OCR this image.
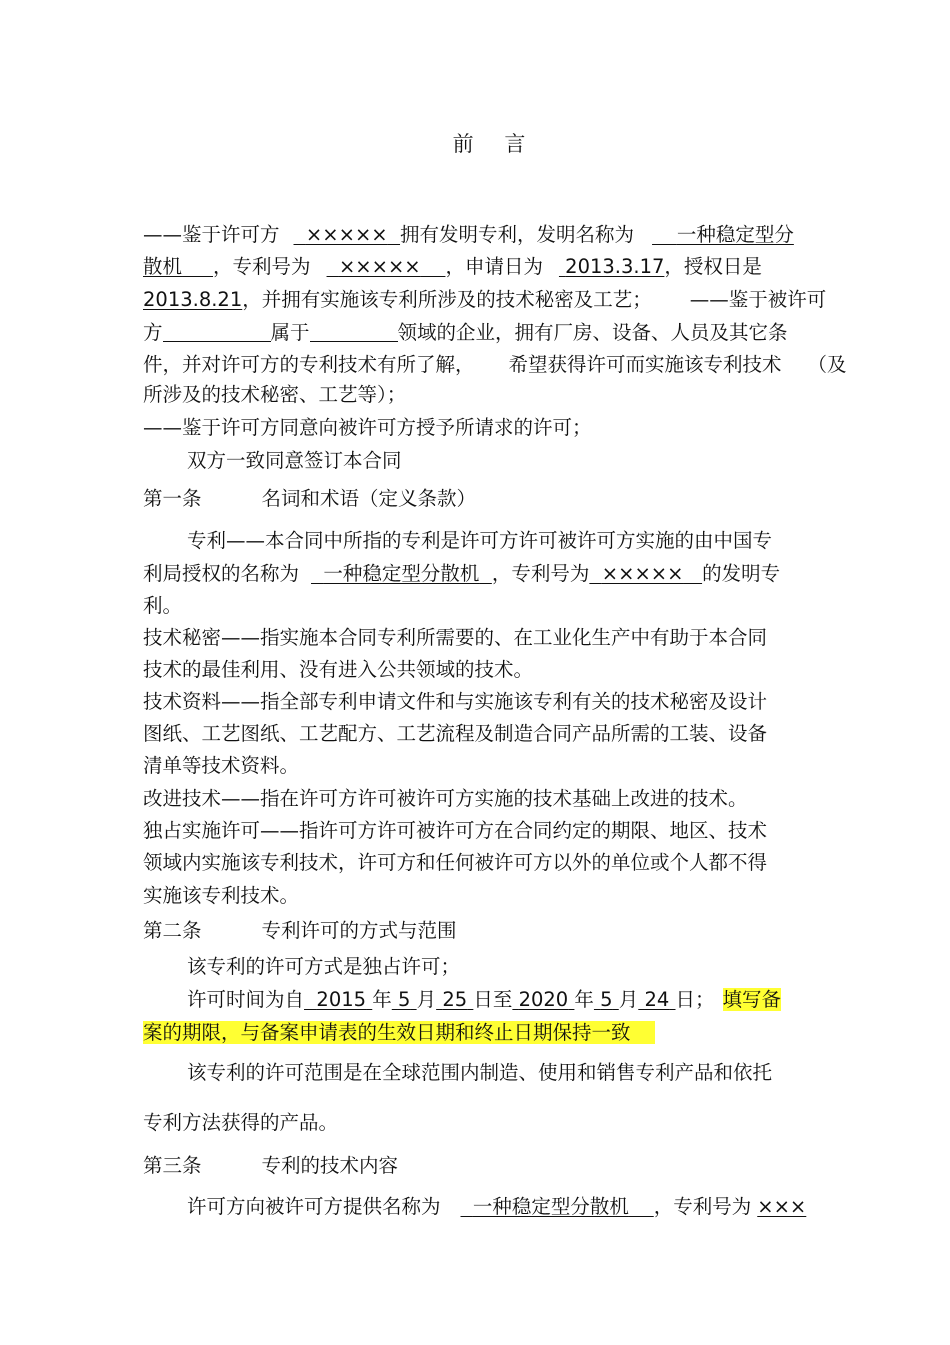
前 言
——鉴于许可方 ××××× 拥有发明专利，发明名称为 一种稳定型分
散机 ，专利号为 ××××× ，申请日为 2013.3.17，授权日是
2013.8.21，并拥有实施该专利所涉及的技术秘密及工艺； ——鉴于被许可
方	属于	领域的企业，拥有厂房、设备、人员及其它条
件，并对许可方的专利技术有所了解， 希望获得许可而实施该专利技术 （及
所涉及的技术秘密、工艺等）；
——鉴于许可方同意向被许可方授予所请求的许可；
双方一致同意签订本合同
第一条	名词和术语（定义条款）
专利——本合同中所指的专利是许可方许可被许可方实施的由中国专
利局授权的名称为 一种稳定型分散机 ，专利号为 ××××× 的发明专
利。
技术秘密——指实施本合同专利所需要的、在工业化生产中有助于本合同
技术的最佳利用、没有进入公共领域的技术。
技术资料——指全部专利申请文件和与实施该专利有关的技术秘密及设计
图纸、工艺图纸、工艺配方、工艺流程及制造合同产品所需的工装、设备
清单等技术资料。
改进技术——指在许可方许可被许可方实施的技术基础上改进的技术。
独占实施许可——指许可方许可被许可方在合同约定的期限、地区、技术
领域内实施该专利技术，许可方和任何被许可方以外的单位或个人都不得
实施该专利技术。
第二条	专利许可的方式与范围
该专利的许可方式是独占许可；
许可时间为自 2015 年 5 月 25 日至 2020 年 5 月 24 日； 填写备
案的期限，与备案申请表的生效日期和终止日期保持一致
该专利的许可范围是在全球范围内制造、使用和销售专利产品和依托
专利方法获得的产品。
第三条	专利的技术内容
许可方向被许可方提供名称为 一种稳定型分散机 ，专利号为 ×××
